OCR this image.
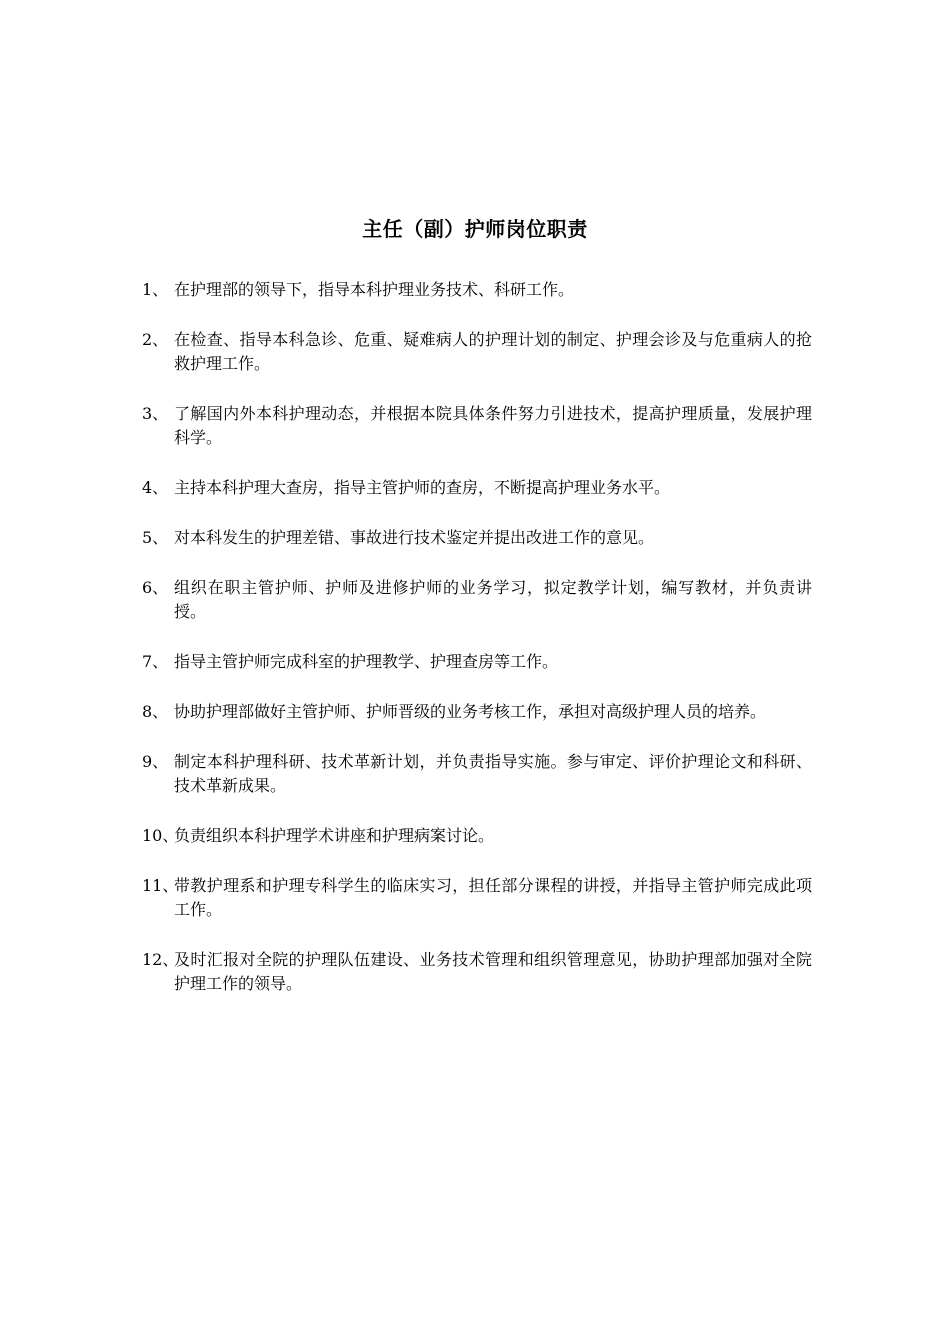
主任（副）护师岗位职责
1、 在护理部的领导下，指导本科护理业务技术、科研工作。
2、 在检查、指导本科急诊、危重、疑难病人的护理计划的制定、护理会诊及与危重病人的抢救护理工作。
3、 了解国内外本科护理动态，并根据本院具体条件努力引进技术，提高护理质量，发展护理科学。
4、 主持本科护理大查房，指导主管护师的查房，不断提高护理业务水平。
5、 对本科发生的护理差错、事故进行技术鉴定并提出改进工作的意见。
6、 组织在职主管护师、护师及进修护师的业务学习，拟定教学计划，编写教材，并负责讲授。
7、 指导主管护师完成科室的护理教学、护理查房等工作。
8、 协助护理部做好主管护师、护师晋级的业务考核工作，承担对高级护理人员的培养。
9、 制定本科护理科研、技术革新计划，并负责指导实施。参与审定、评价护理论文和科研、技术革新成果。
10、
负责组织本科护理学术讲座和护理病案讨论。
11、
带教护理系和护理专科学生的临床实习，担任部分课程的讲授，并指导主管护师完成此项工作。
12、
及时汇报对全院的护理队伍建设、业务技术管理和组织管理意见，协助护理部加强对全院护理工作的领导。
